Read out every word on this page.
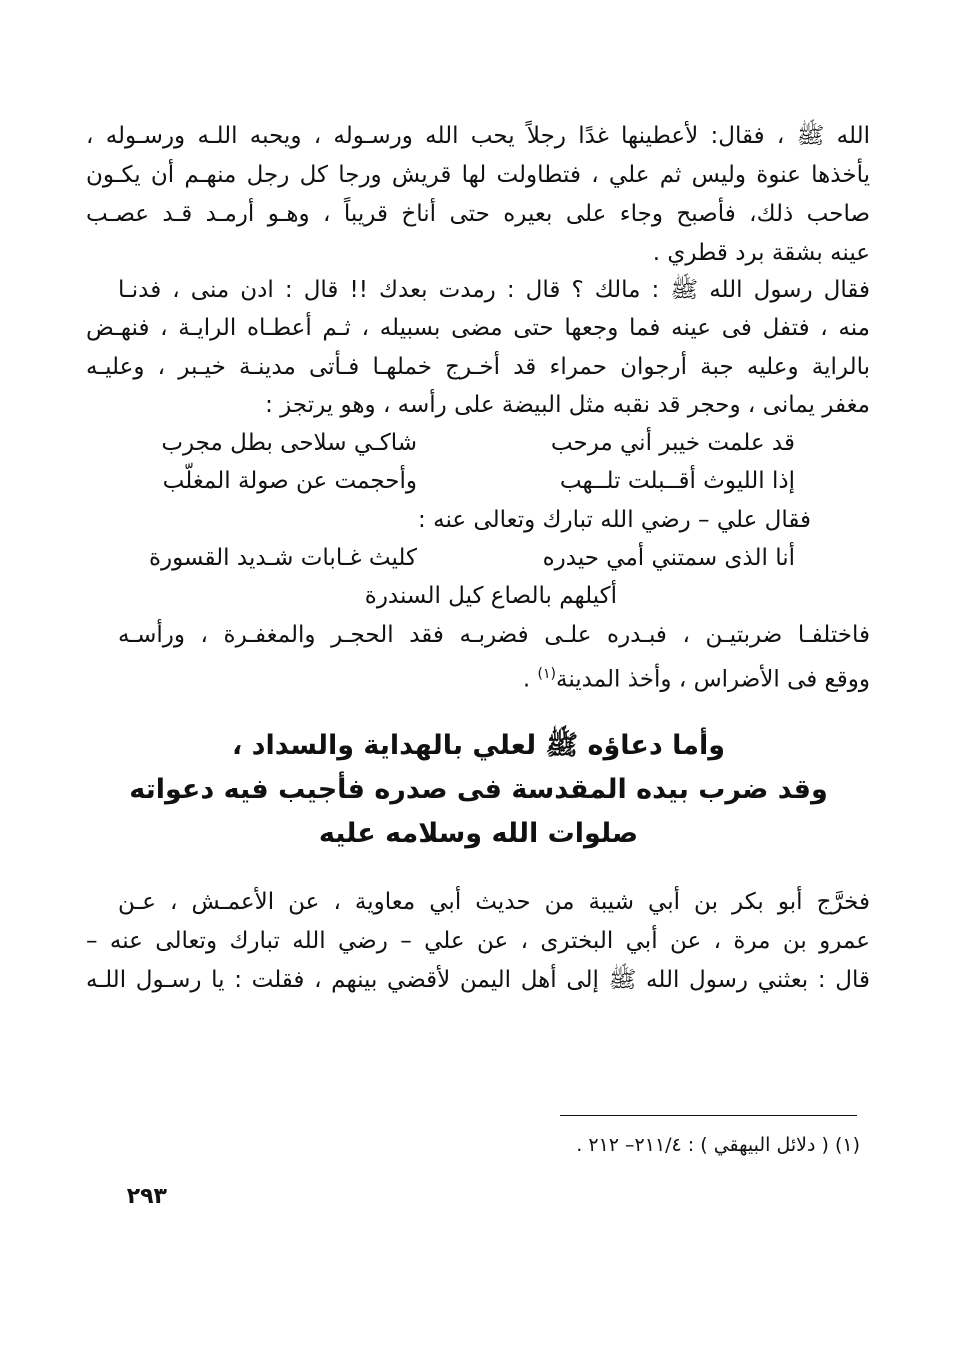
الله ﷺ ، فقال: لأعطينها غدًا رجلاً يحب الله ورسـوله ، ويحبه اللـه ورسـوله ،
يأخذها عنوة وليس ثم علي ، فتطاولت لها قريش ورجا كل رجل منهـم أن يكـون
صاحب ذلك، فأصبح وجاء على بعيره حتى أناخ قريباً ، وهـو أرمـد قـد عصـب
عينه بشقة برد قطري .
فقال رسول الله ﷺ : مالك ؟ قال : رمدت بعدك !! قال : ادن منى ، فدنـا
منه ، فتفل فى عينه فما وجعها حتى مضى بسبيله ، ثـم أعطـاه الرايـة ، فنهـض
بالراية وعليه جبة أرجوان حمراء قد أخـرج خملهـا فـأتى مدينـة خيـبر ، وعليـه
مغفر يمانى ، وحجر قد نقبه مثل البيضة على رأسه ، وهو يرتجز :
قد علمت خيبر أني مرحب
شاكـي سلاحى بطل مجرب
إذا الليوث أقــبلت تلــهب
وأحجمت عن صولة المغلّب
فقال علي – رضي الله تبارك وتعالى عنه :
أنا الذى سمتني أمي حيدره
كليث غـابات شـديد القسورة
أكيلهم بالصاع كيل السندرة
فاختلفـا ضربتيـن ، فبـدره علـى فضربـه فقد الحجـر والمغفـرة ، ورأسـه
ووقع فى الأضراس ، وأخذ المدينة$^{(١)}$ .
وأما دعاؤه ﷺ لعلي بالهداية والسداد ،
وقد ضرب بيده المقدسة فى صدره فأجيب فيه دعواته
صلوات الله وسلامه عليه
فخرَّج أبو بكر بن أبي شيبة من حديث أبي معاوية ، عن الأعمـش ، عـن
عمرو بن مرة ، عن أبي البخترى ، عن علي – رضي الله تبارك وتعالى عنه –
قال : بعثني رسول الله ﷺ إلى أهل اليمن لأقضي بينهم ، فقلت : يا رسـول اللـه
(١) ( دلائل البيهقي ) : ٢١١/٤– ٢١٢ .
٢٩٣
